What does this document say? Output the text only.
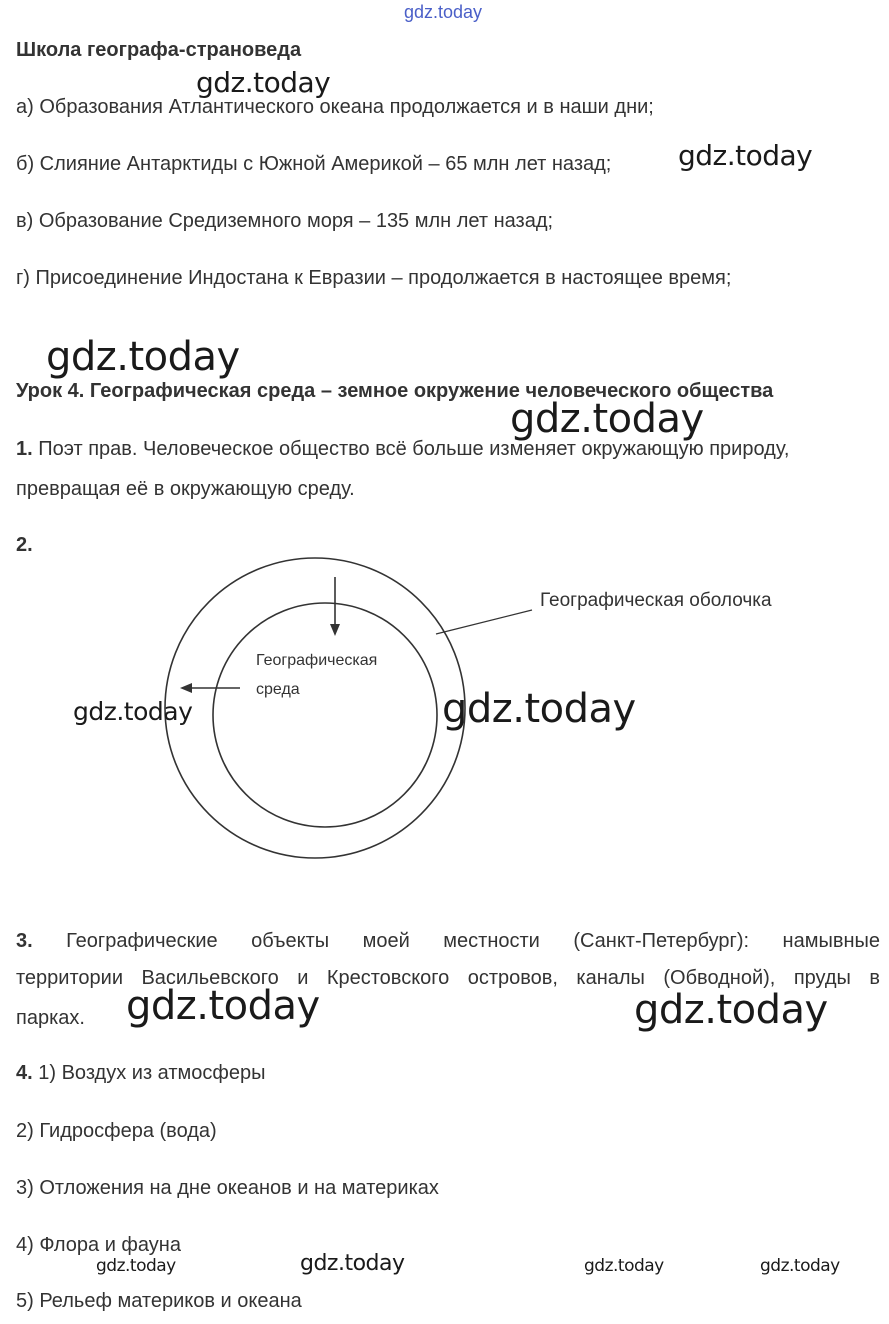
gdz.today
Школа географа-страноведа
а) Образования Атлантического океана продолжается и в наши дни;
б) Слияние Антарктиды с Южной Америкой – 65 млн лет назад;
в) Образование Средиземного моря – 135 млн лет назад;
г) Присоединение Индостана к Евразии – продолжается в настоящее время;
Урок 4. Географическая среда – земное окружение человеческого общества
1. Поэт прав. Человеческое общество всё больше изменяет окружающую природу,
превращая её в окружающую среду.
2.
Географическая оболочка
Географическая
среда
3. Географические объекты моей местности (Санкт-Петербург): намывные
территории Васильевского и Крестовского островов, каналы (Обводной), пруды в
парках.
4. 1) Воздух из атмосферы
2) Гидросфера (вода)
3) Отложения на дне океанов и на материках
4) Флора и фауна
5) Рельеф материков и океана
gdz.today
gdz.today
gdz.today
gdz.today
gdz.today	gdz.today
gdz.today	gdz.today
gdz.today	gdz.today	gdz.today	gdz.today
